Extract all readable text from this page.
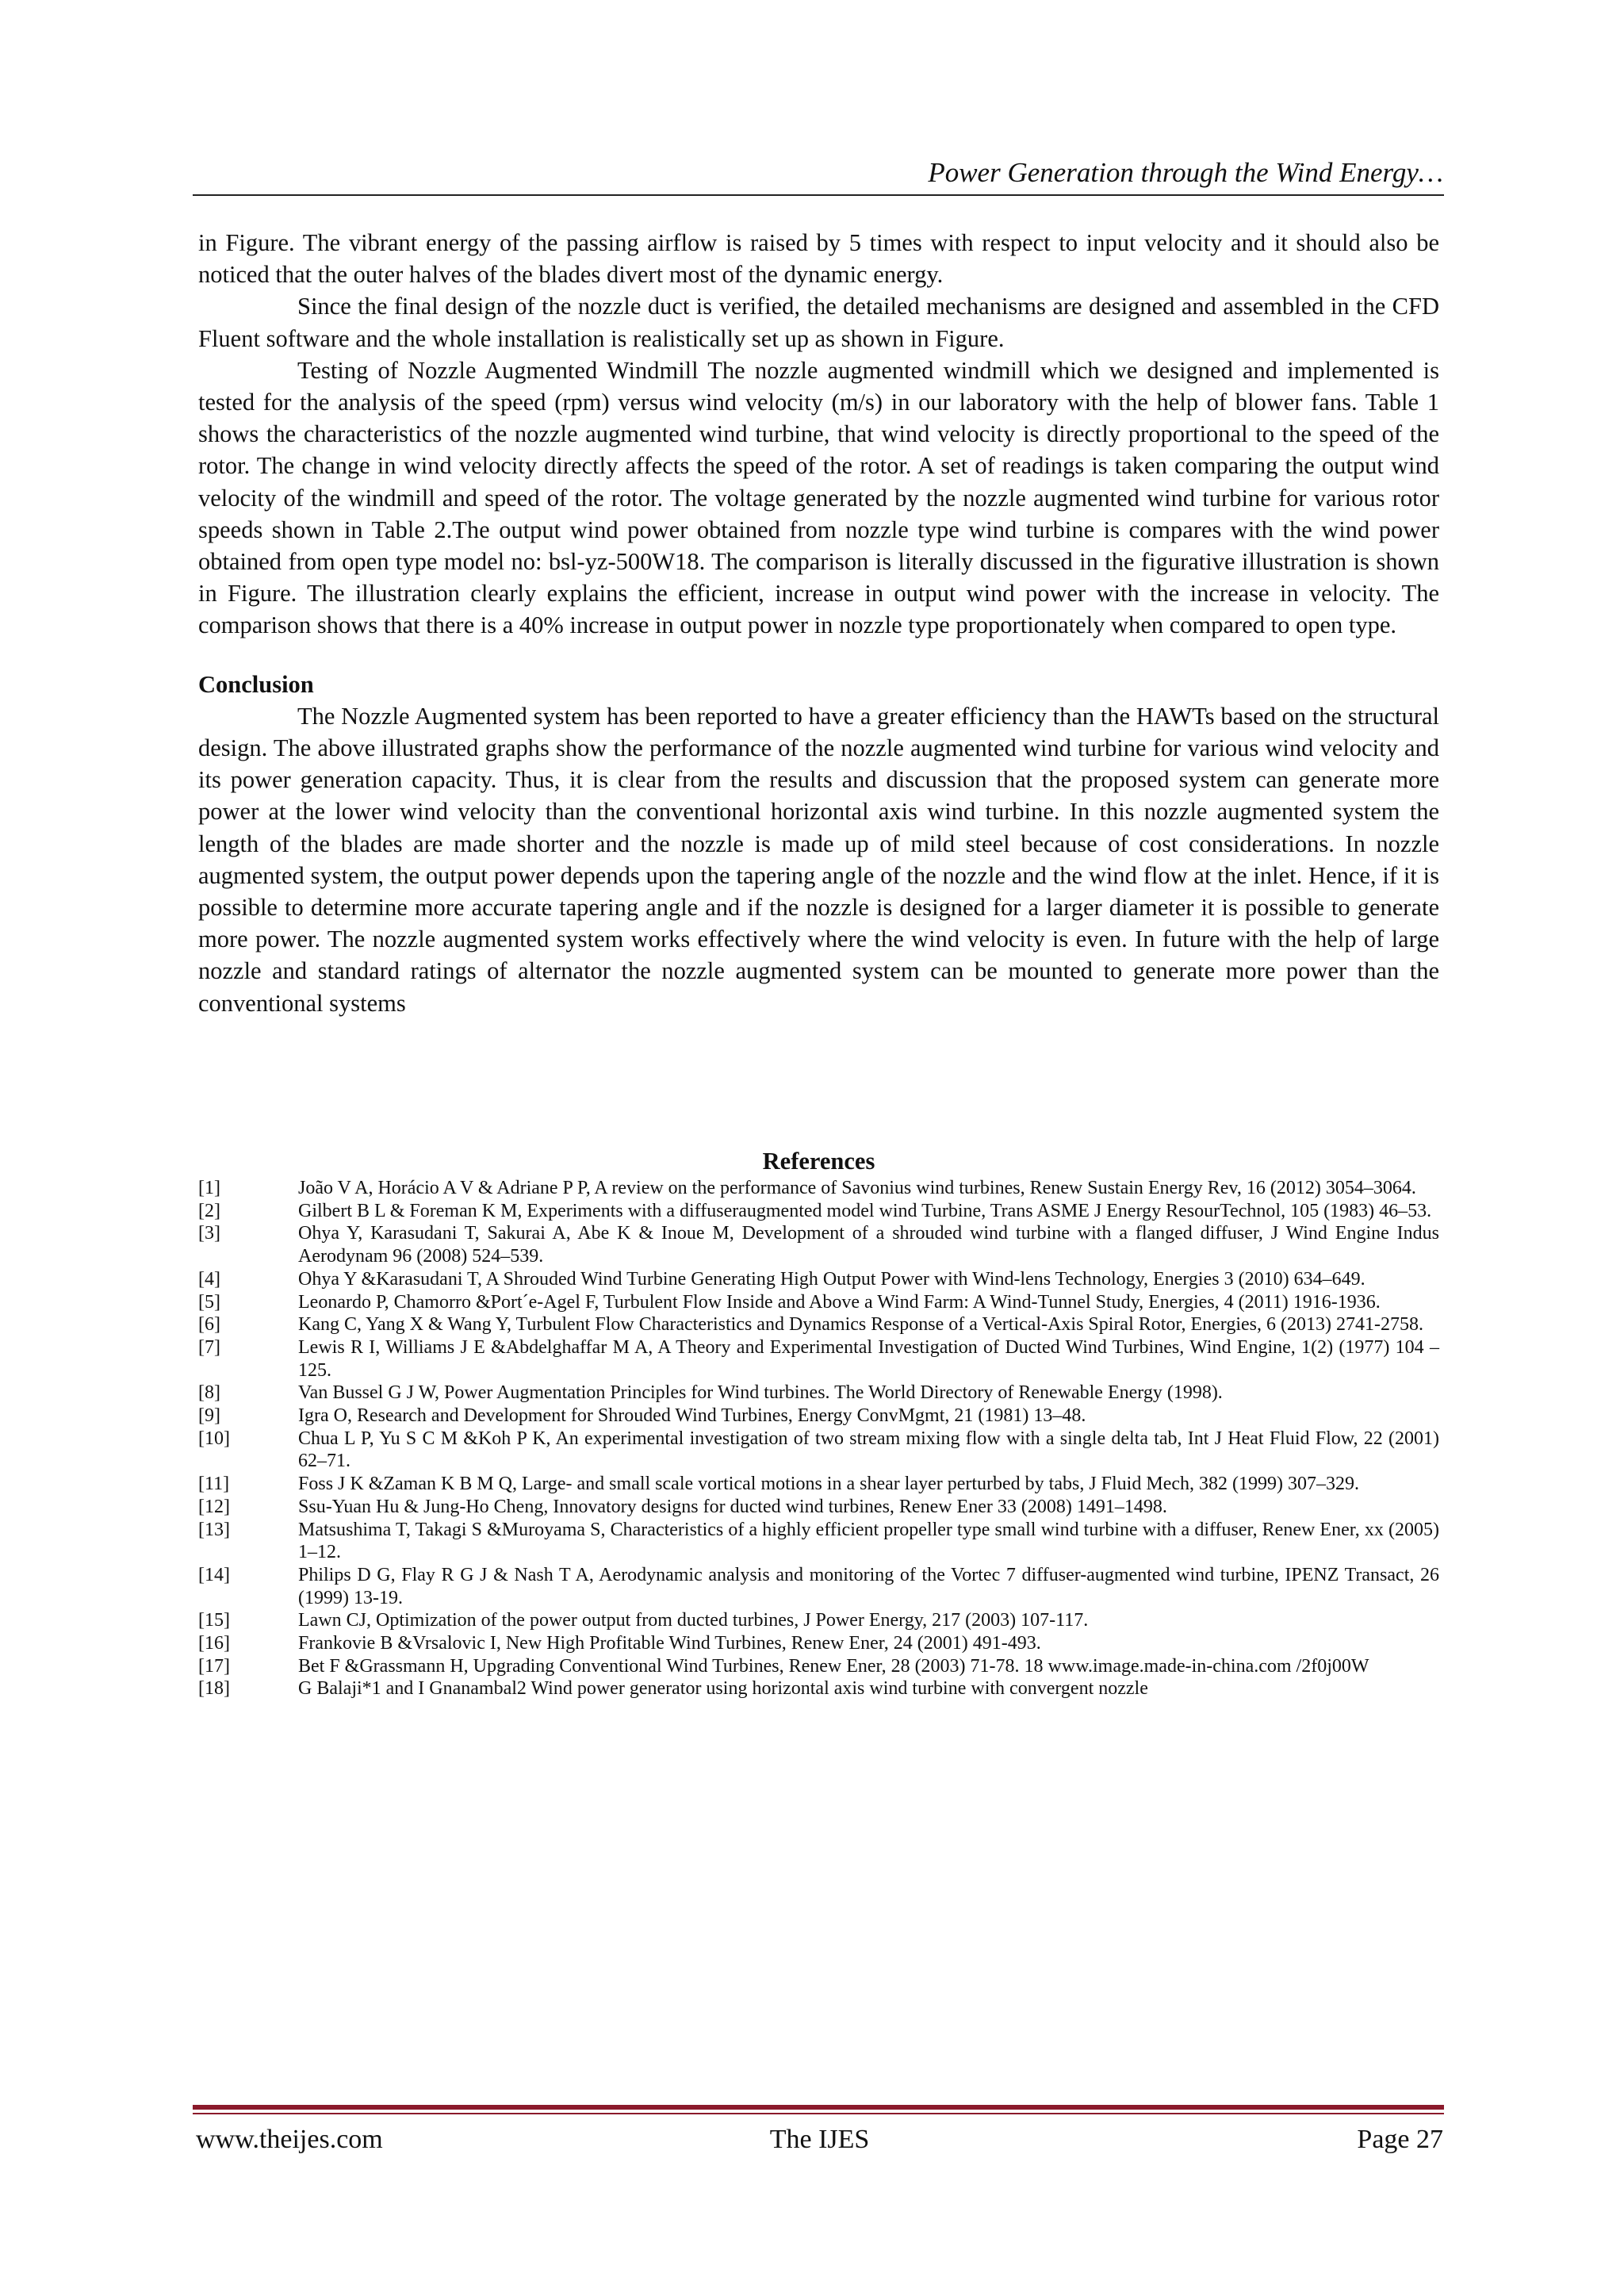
Power Generation through the Wind Energy…

in Figure. The vibrant energy of the passing airflow is raised by 5 times with respect to input velocity and it should also be noticed that the outer halves of the blades divert most of the dynamic energy.

Since the final design of the nozzle duct is verified, the detailed mechanisms are designed and assembled in the CFD Fluent software and the whole installation is realistically set up as shown in Figure.

Testing of Nozzle Augmented Windmill The nozzle augmented windmill which we designed and implemented is tested for the analysis of the speed (rpm) versus wind velocity (m/s) in our laboratory with the help of blower fans. Table 1 shows the characteristics of the nozzle augmented wind turbine, that wind velocity is directly proportional to the speed of the rotor. The change in wind velocity directly affects the speed of the rotor. A set of readings is taken comparing the output wind velocity of the windmill and speed of the rotor. The voltage generated by the nozzle augmented wind turbine for various rotor speeds shown in Table 2.The output wind power obtained from nozzle type wind turbine is compares with the wind power obtained from open type model no: bsl-yz-500W18. The comparison is literally discussed in the figurative illustration is shown in Figure. The illustration clearly explains the efficient, increase in output wind power with the increase in velocity. The comparison shows that there is a 40% increase in output power in nozzle type proportionately when compared to open type.

Conclusion

The Nozzle Augmented system has been reported to have a greater efficiency than the HAWTs based on the structural design. The above illustrated graphs show the performance of the nozzle augmented wind turbine for various wind velocity and its power generation capacity. Thus, it is clear from the results and discussion that the proposed system can generate more power at the lower wind velocity than the conventional horizontal axis wind turbine. In this nozzle augmented system the length of the blades are made shorter and the nozzle is made up of mild steel because of cost considerations. In nozzle augmented system, the output power depends upon the tapering angle of the nozzle and the wind flow at the inlet. Hence, if it is possible to determine more accurate tapering angle and if the nozzle is designed for a larger diameter it is possible to generate more power. The nozzle augmented system works effectively where the wind velocity is even. In future with the help of large nozzle and standard ratings of alternator the nozzle augmented system can be mounted to generate more power than the conventional systems

References

[1]	João V A, Horácio A V & Adriane P P, A review on the performance of Savonius wind turbines, Renew Sustain Energy Rev, 16 (2012) 3054–3064.

[2]	Gilbert B L & Foreman K M, Experiments with a diffuseraugmented model wind Turbine, Trans ASME J Energy ResourTechnol, 105 (1983) 46–53.

[3]	Ohya Y, Karasudani T, Sakurai A, Abe K & Inoue M, Development of a shrouded wind turbine with a flanged diffuser, J Wind Engine Indus Aerodynam 96 (2008) 524–539.

[4]	Ohya Y &Karasudani T, A Shrouded Wind Turbine Generating High Output Power with Wind-lens Technology, Energies 3 (2010) 634–649.

[5]	Leonardo P, Chamorro &Port´e-Agel F, Turbulent Flow Inside and Above a Wind Farm: A Wind-Tunnel Study, Energies, 4 (2011) 1916-1936.

[6]	Kang C, Yang X & Wang Y, Turbulent Flow Characteristics and Dynamics Response of a Vertical-Axis Spiral Rotor, Energies, 6 (2013) 2741-2758.

[7]	Lewis R I, Williams J E &Abdelghaffar M A, A Theory and Experimental Investigation of Ducted Wind Turbines, Wind Engine, 1(2) (1977) 104 – 125.

[8]	Van Bussel G J W, Power Augmentation Principles for Wind turbines. The World Directory of Renewable Energy (1998).

[9]	Igra O, Research and Development for Shrouded Wind Turbines, Energy ConvMgmt, 21 (1981) 13–48.

[10]	Chua L P, Yu S C M &Koh P K, An experimental investigation of two stream mixing flow with a single delta tab, Int J Heat Fluid Flow, 22 (2001) 62–71.

[11]	Foss J K &Zaman K B M Q, Large- and small scale vortical motions in a shear layer perturbed by tabs, J Fluid Mech, 382 (1999) 307–329.

[12]	Ssu-Yuan Hu & Jung-Ho Cheng, Innovatory designs for ducted wind turbines, Renew Ener 33 (2008) 1491–1498.

[13]	Matsushima T, Takagi S &Muroyama S, Characteristics of a highly efficient propeller type small wind turbine with a diffuser, Renew Ener, xx (2005) 1–12.

[14]	Philips D G, Flay R G J & Nash T A, Aerodynamic analysis and monitoring of the Vortec 7 diffuser-augmented wind turbine, IPENZ Transact, 26 (1999) 13-19.

[15]	Lawn CJ, Optimization of the power output from ducted turbines, J Power Energy, 217 (2003) 107-117.

[16]	Frankovie B &Vrsalovic I, New High Profitable Wind Turbines, Renew Ener, 24 (2001) 491-493.

[17]	Bet F &Grassmann H, Upgrading Conventional Wind Turbines, Renew Ener, 28 (2003) 71-78. 18 www.image.made-in-china.com /2f0j00W

[18]	G Balaji*1 and I Gnanambal2 Wind power generator using horizontal axis wind turbine with convergent nozzle

The IJES
www.theijes.com	Page 27
